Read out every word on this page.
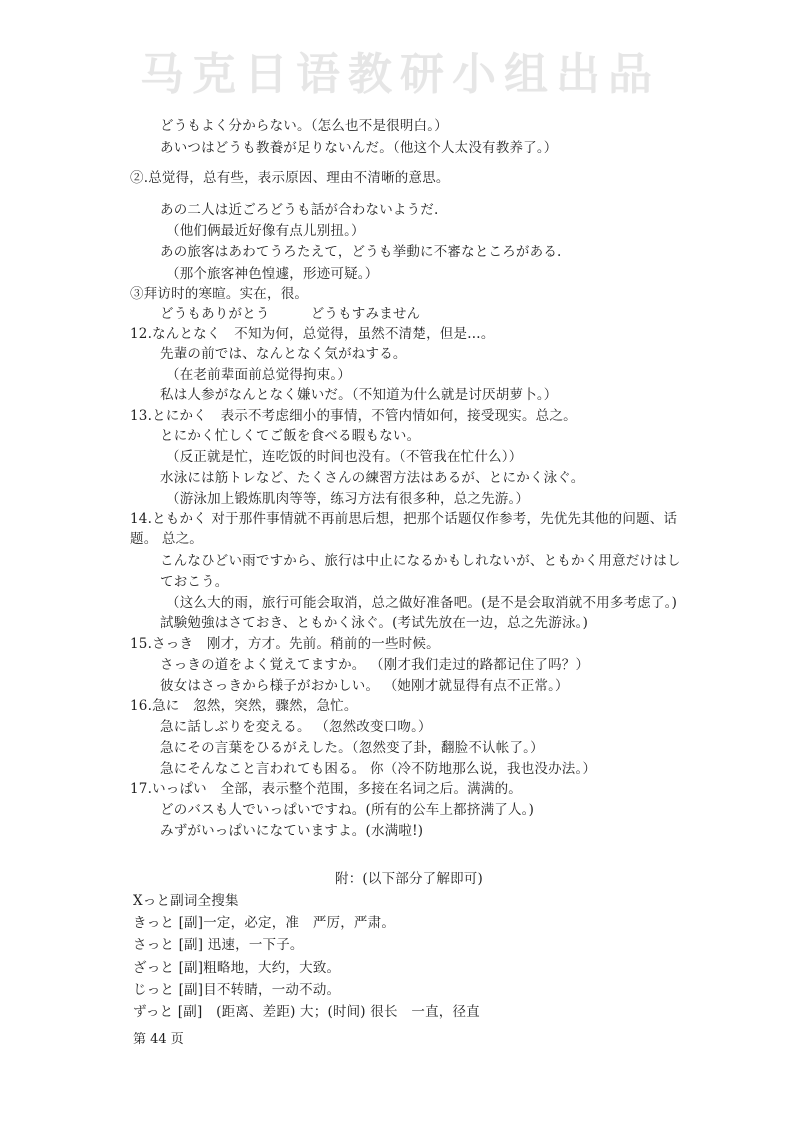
马克日语教研小组出品
どうもよく分からない。（怎么也不是很明白。）
あいつはどうも教養が足りないんだ。（他这个人太没有教养了。）
②.总觉得，总有些，表示原因、理由不清晰的意思。
あの二人は近ごろどうも話が合わないようだ.
（他们俩最近好像有点儿别扭。）
あの旅客はあわてうろたえて，どうも挙動に不審なところがある.
（那个旅客神色惶遽，形迹可疑。）
③拜访时的寒暄。实在，很。
どうもありがとう　　　どうもすみません
12.なんとなく　不知为何，总觉得，虽然不清楚，但是…。
先輩の前では、なんとなく気がねする。
（在老前辈面前总觉得拘束。）
私は人参がなんとなく嫌いだ。（不知道为什么就是讨厌胡萝卜。）
13.とにかく　表示不考虑细小的事情，不管内情如何，接受现实。总之。
とにかく忙しくてご飯を食べる暇もない。
（反正就是忙，连吃饭的时间也没有。（不管我在忙什么））
水泳には筋トレなど、たくさんの練習方法はあるが、とにかく泳ぐ。
（游泳加上锻炼肌肉等等，练习方法有很多种，总之先游。）
14.ともかく 对于那件事情就不再前思后想，把那个话题仅作参考，先优先其他的问题、话
题。 总之。
こんなひどい雨ですから、旅行は中止になるかもしれないが、ともかく用意だけはし
ておこう。
（这么大的雨，旅行可能会取消，总之做好准备吧。(是不是会取消就不用多考虑了。)
試験勉強はさておき、ともかく泳ぐ。(考试先放在一边，总之先游泳。)
15.さっき　刚才，方才。先前。稍前的一些时候。
さっきの道をよく覚えてますか。 （刚才我们走过的路都记住了吗？）
彼女はさっきから様子がおかしい。 （她刚才就显得有点不正常。）
16.急に　忽然，突然，骤然，急忙。
急に話しぶりを変える。 （忽然改变口吻。）
急にその言葉をひるがえした。（忽然变了卦，翻脸不认帐了。）
急にそんなこと言われても困る。 你（冷不防地那么说，我也没办法。）
17.いっぱい　全部，表示整个范围，多接在名词之后。满满的。
どのバスも人でいっぱいですね。(所有的公车上都挤满了人。)
みずがいっぱいになていますよ。(水满啦!)
附：(以下部分了解即可)
Xっと副词全搜集
きっと [副]一定，必定，准　严厉，严肃。
さっと [副] 迅速，一下子。
ざっと [副]粗略地，大约，大致。
じっと [副]目不转睛，一动不动。
ずっと [副]　(距离、差距) 大；(时间) 很长　一直，径直
第 44 页
